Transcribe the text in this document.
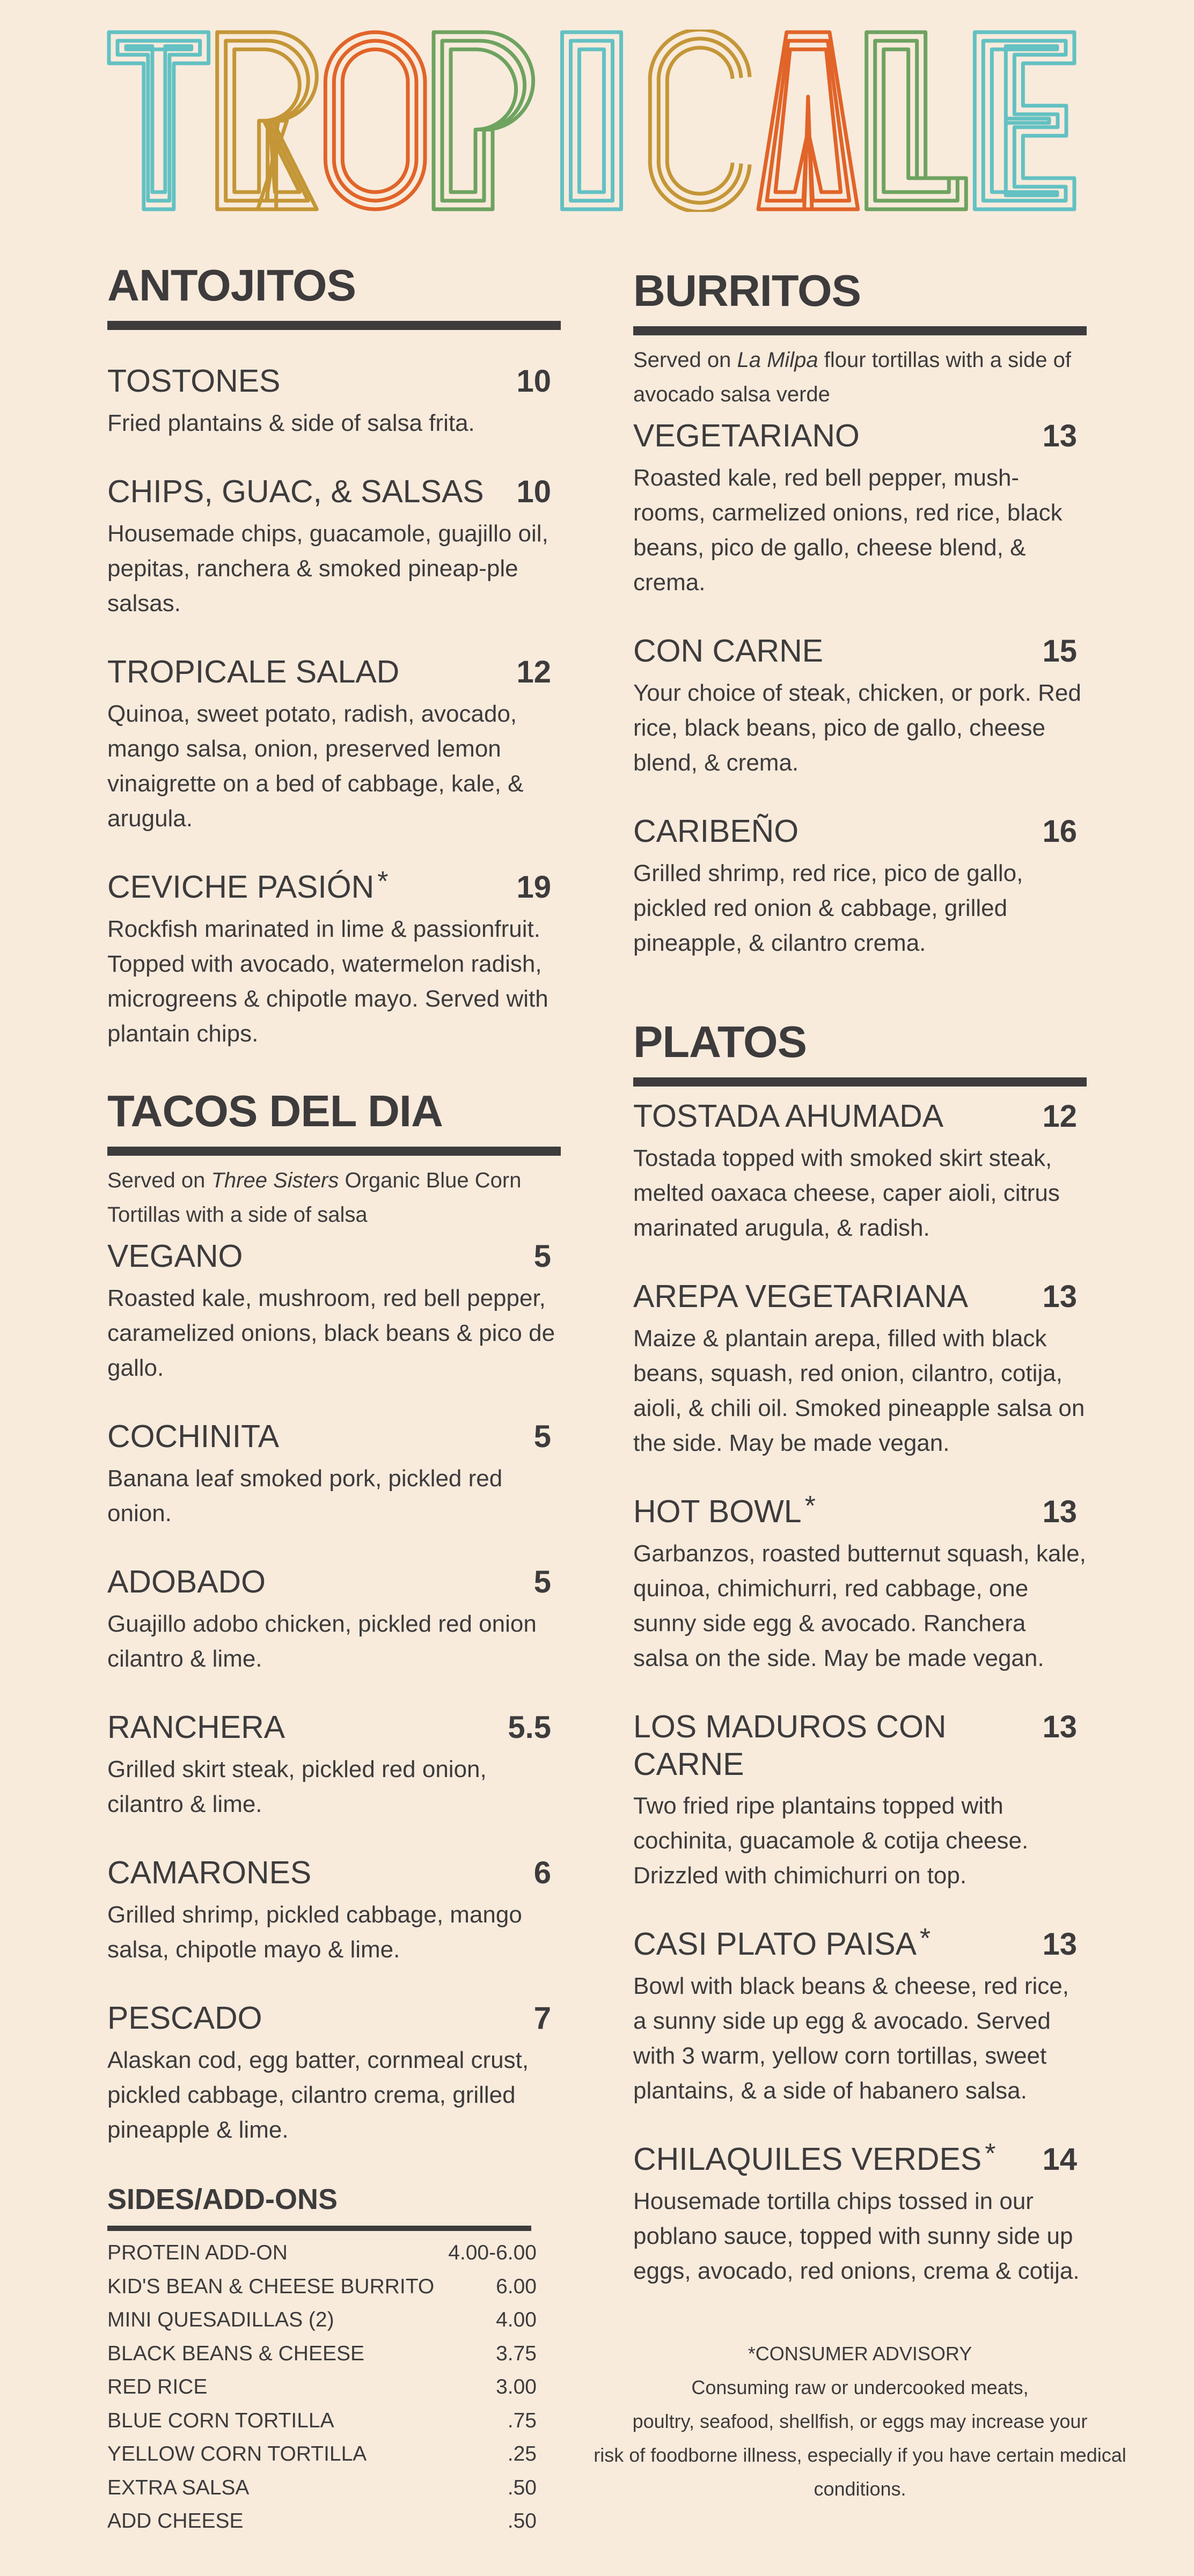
ANTOJITOS
TOSTONES	10
Fried plantains & side of salsa frita.
CHIPS, GUAC, & SALSAS 10
Housemade chips, guacamole, guajillo oil, pepitas, ranchera & smoked pineap-ple salsas.
TROPICALE SALAD	12
Quinoa, sweet potato, radish, avocado, mango salsa, onion, preserved lemon vinaigrette on a bed of cabbage, kale, & arugula.
CEVICHE PASIÓN *	19
Rockfish marinated in lime & passionfruit. Topped with avocado, watermelon radish, microgreens & chipotle mayo. Served with plantain chips.
TACOS DEL DIA
Served on Three Sisters Organic Blue Corn Tortillas with a side of salsa
VEGANO	5
Roasted kale, mushroom, red bell pepper, caramelized onions, black beans & pico de gallo.
COCHINITA	5
Banana leaf smoked pork, pickled red onion.
ADOBADO	5
Guajillo adobo chicken, pickled red onion cilantro & lime.
RANCHERA	5.5
Grilled skirt steak, pickled red onion, cilantro & lime.
CAMARONES	6
Grilled shrimp, pickled cabbage, mango salsa, chipotle mayo & lime.
PESCADO	7
Alaskan cod, egg batter, cornmeal crust, pickled cabbage, cilantro crema, grilled pineapple & lime.
SIDES/ADD-ONS
PROTEIN ADD-ON	4.00-6.00
KID'S BEAN & CHEESE BURRITO	6.00
MINI QUESADILLAS (2)	4.00
BLACK BEANS & CHEESE	3.75
RED RICE	3.00
BLUE CORN TORTILLA	.75
YELLOW CORN TORTILLA	.25
EXTRA SALSA	.50
ADD CHEESE	.50
BURRITOS
Served on La Milpa flour tortillas with a side of avocado salsa verde
VEGETARIANO	13
Roasted kale, red bell pepper, mush-rooms, carmelized onions, red rice, black beans, pico de gallo, cheese blend, & crema.
CON CARNE	15
Your choice of steak, chicken, or pork. Red rice, black beans, pico de gallo, cheese blend, & crema.
CARIBEÑO	16
Grilled shrimp, red rice, pico de gallo, pickled red onion & cabbage, grilled pineapple, & cilantro crema.
PLATOS
TOSTADA AHUMADA	12
Tostada topped with smoked skirt steak, melted oaxaca cheese, caper aioli, citrus marinated arugula, & radish.
AREPA VEGETARIANA 13
Maize & plantain arepa, filled with black beans, squash, red onion, cilantro, cotija, aioli, & chili oil. Smoked pineapple salsa on the side. May be made vegan.
HOT BOWL *	13
Garbanzos, roasted butternut squash, kale, quinoa, chimichurri, red cabbage, one sunny side egg & avocado. Ranchera salsa on the side. May be made vegan.
LOS MADUROS CON CARNE
13
Two fried ripe plantains topped with cochinita, guacamole & cotija cheese. Drizzled with chimichurri on top.
CASI PLATO PAISA *	13
Bowl with black beans & cheese, red rice, a sunny side up egg & avocado. Served with 3 warm, yellow corn tortillas, sweet plantains, & a side of habanero salsa.
CHILAQUILES VERDES * 14
Housemade tortilla chips tossed in our poblano sauce, topped with sunny side up eggs, avocado, red onions, crema & cotija.
*CONSUMER ADVISORY
Consuming raw or undercooked meats,
poultry, seafood, shellfish, or eggs may increase your
risk of foodborne illness, especially if you have certain medical
conditions.
